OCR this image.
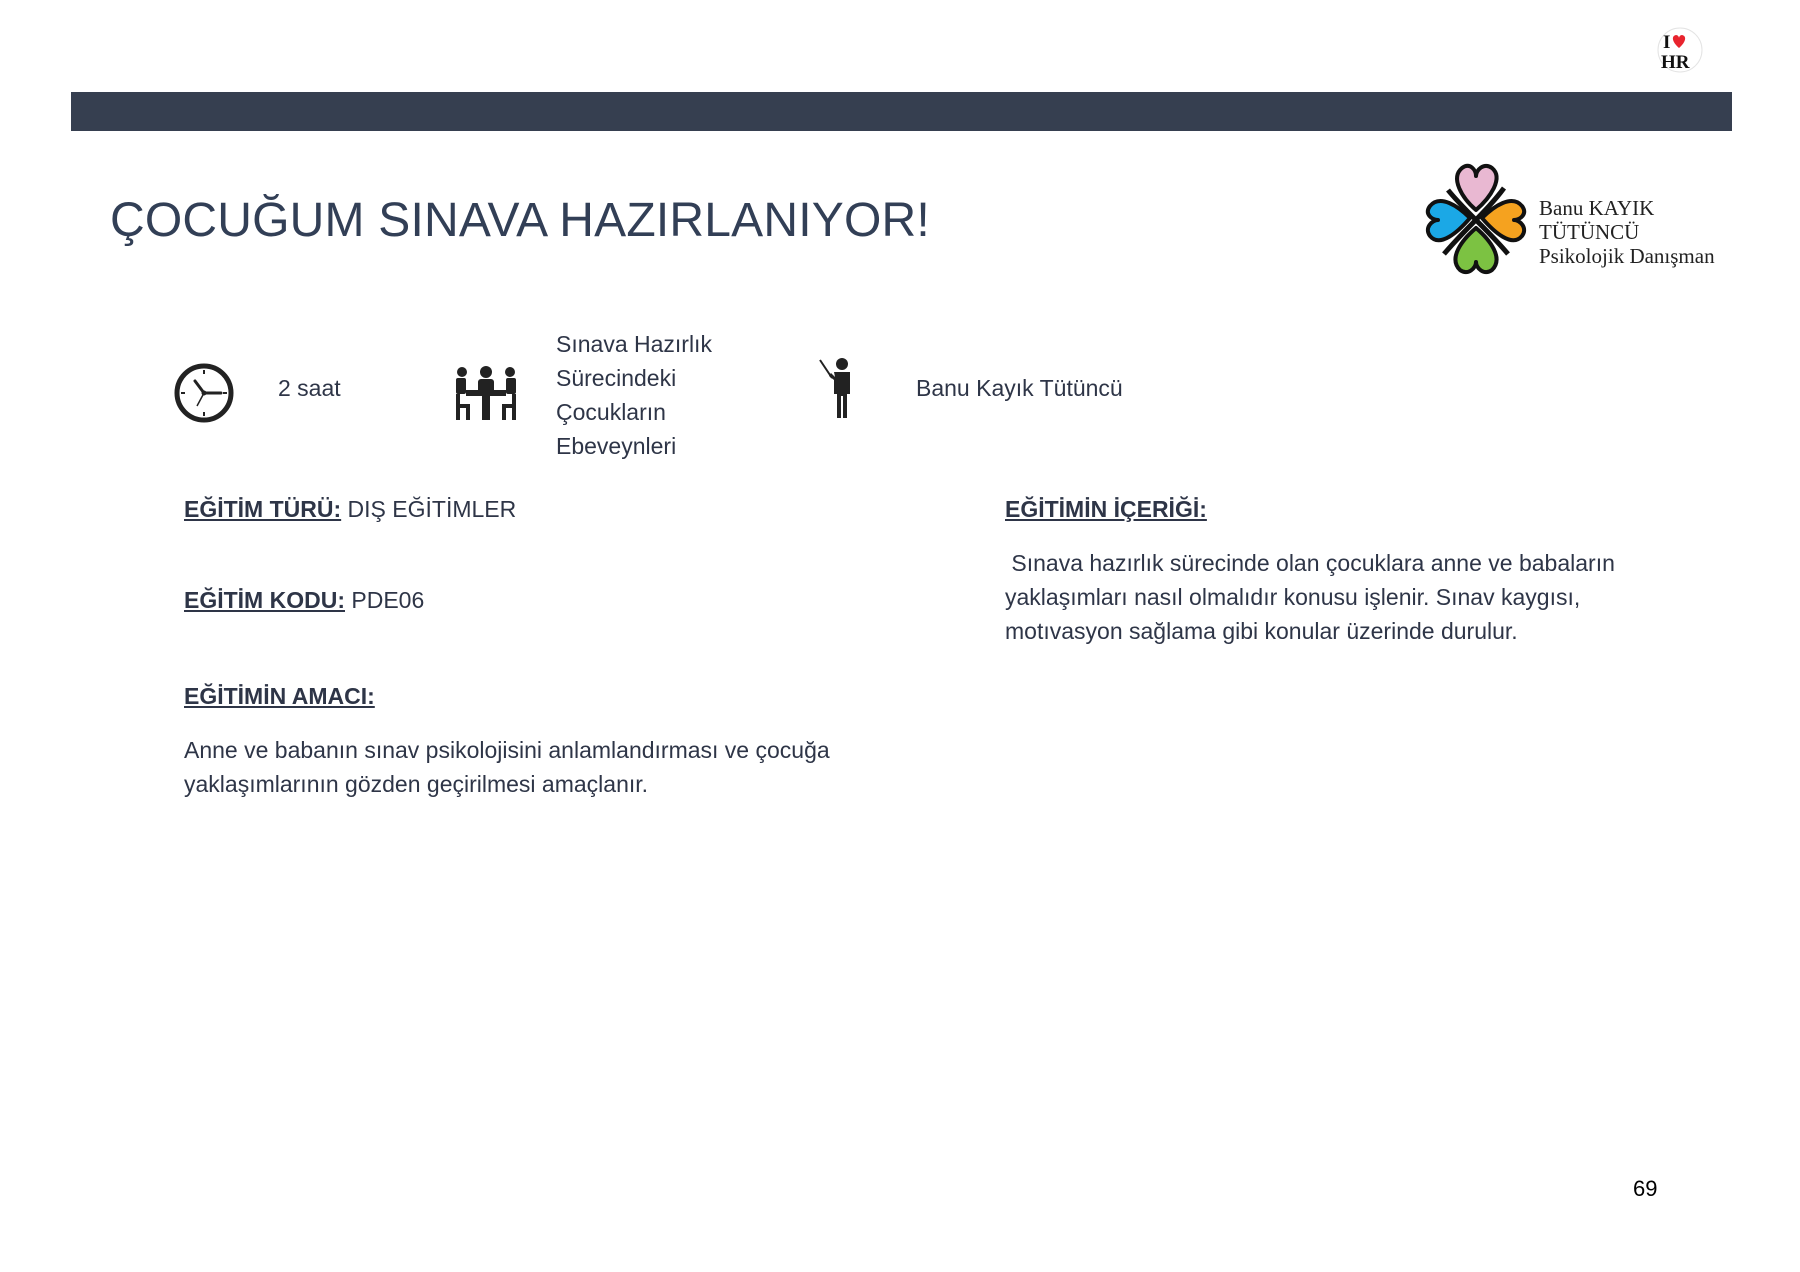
I
HR
ÇOCUĞUM SINAVA HAZIRLANIYOR!	Banu KAYIK
TÜTÜNCÜ
Psikolojik Danışman
2 saat
Sınava Hazırlık
Sürecindeki
Çocukların
Ebeveynleri
Banu Kayık Tütüncü
EĞİTİM TÜRÜ: DIŞ EĞİTİMLER
EĞİTİM KODU: PDE06
EĞİTİMİN AMACI:
Anne ve babanın sınav psikolojisini anlamlandırması ve çocuğa
yaklaşımlarının gözden geçirilmesi amaçlanır.
EĞİTİMİN İÇERİĞİ:
Sınava hazırlık sürecinde olan çocuklara anne ve babaların
yaklaşımları nasıl olmalıdır konusu işlenir. Sınav kaygısı,
motıvasyon sağlama gibi konular üzerinde durulur.
69
